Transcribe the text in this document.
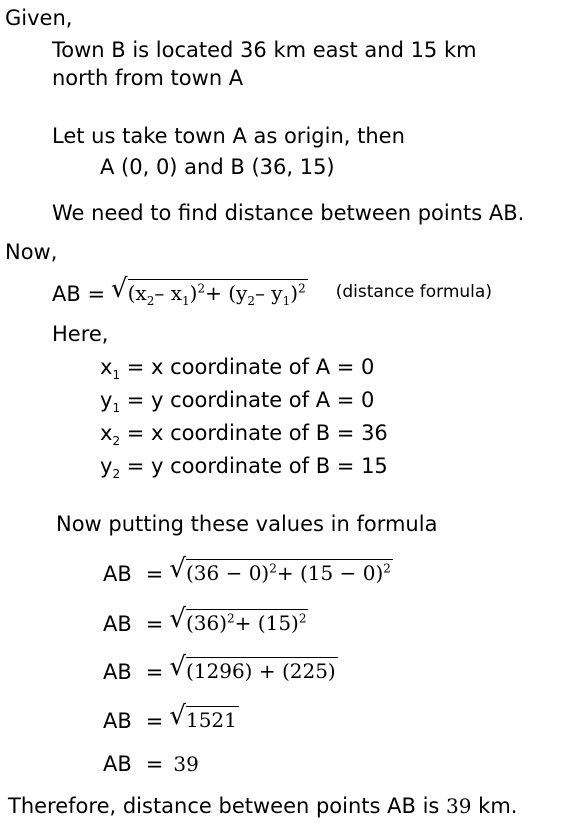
Given,
Town B is located 36 km east and 15 km
north from town A
Let us take town A as origin, then
A (0, 0) and B (36, 15)
We need to find distance between points AB.
Now,
AB = √ ($x_2-$ $x_1)^2+ (y_2-$ $y_1)^2$ (distance formula)
Here,
$x_1 = x$ coordinate of A = 0
$y_1 = y$ coordinate of A = 0
$x_2 = x$ coordinate of B = 36
$y_2 = y$ coordinate of B = 15
Now putting these values in formula
AB = √ $(36 - 0)^2+ (15 - 0)^2$
AB = √ $(36)^2+ (15)^2$
AB = √ (1296) + (225)
AB = √ 1521
AB = 39
Therefore, distance between points AB is 39 km.
